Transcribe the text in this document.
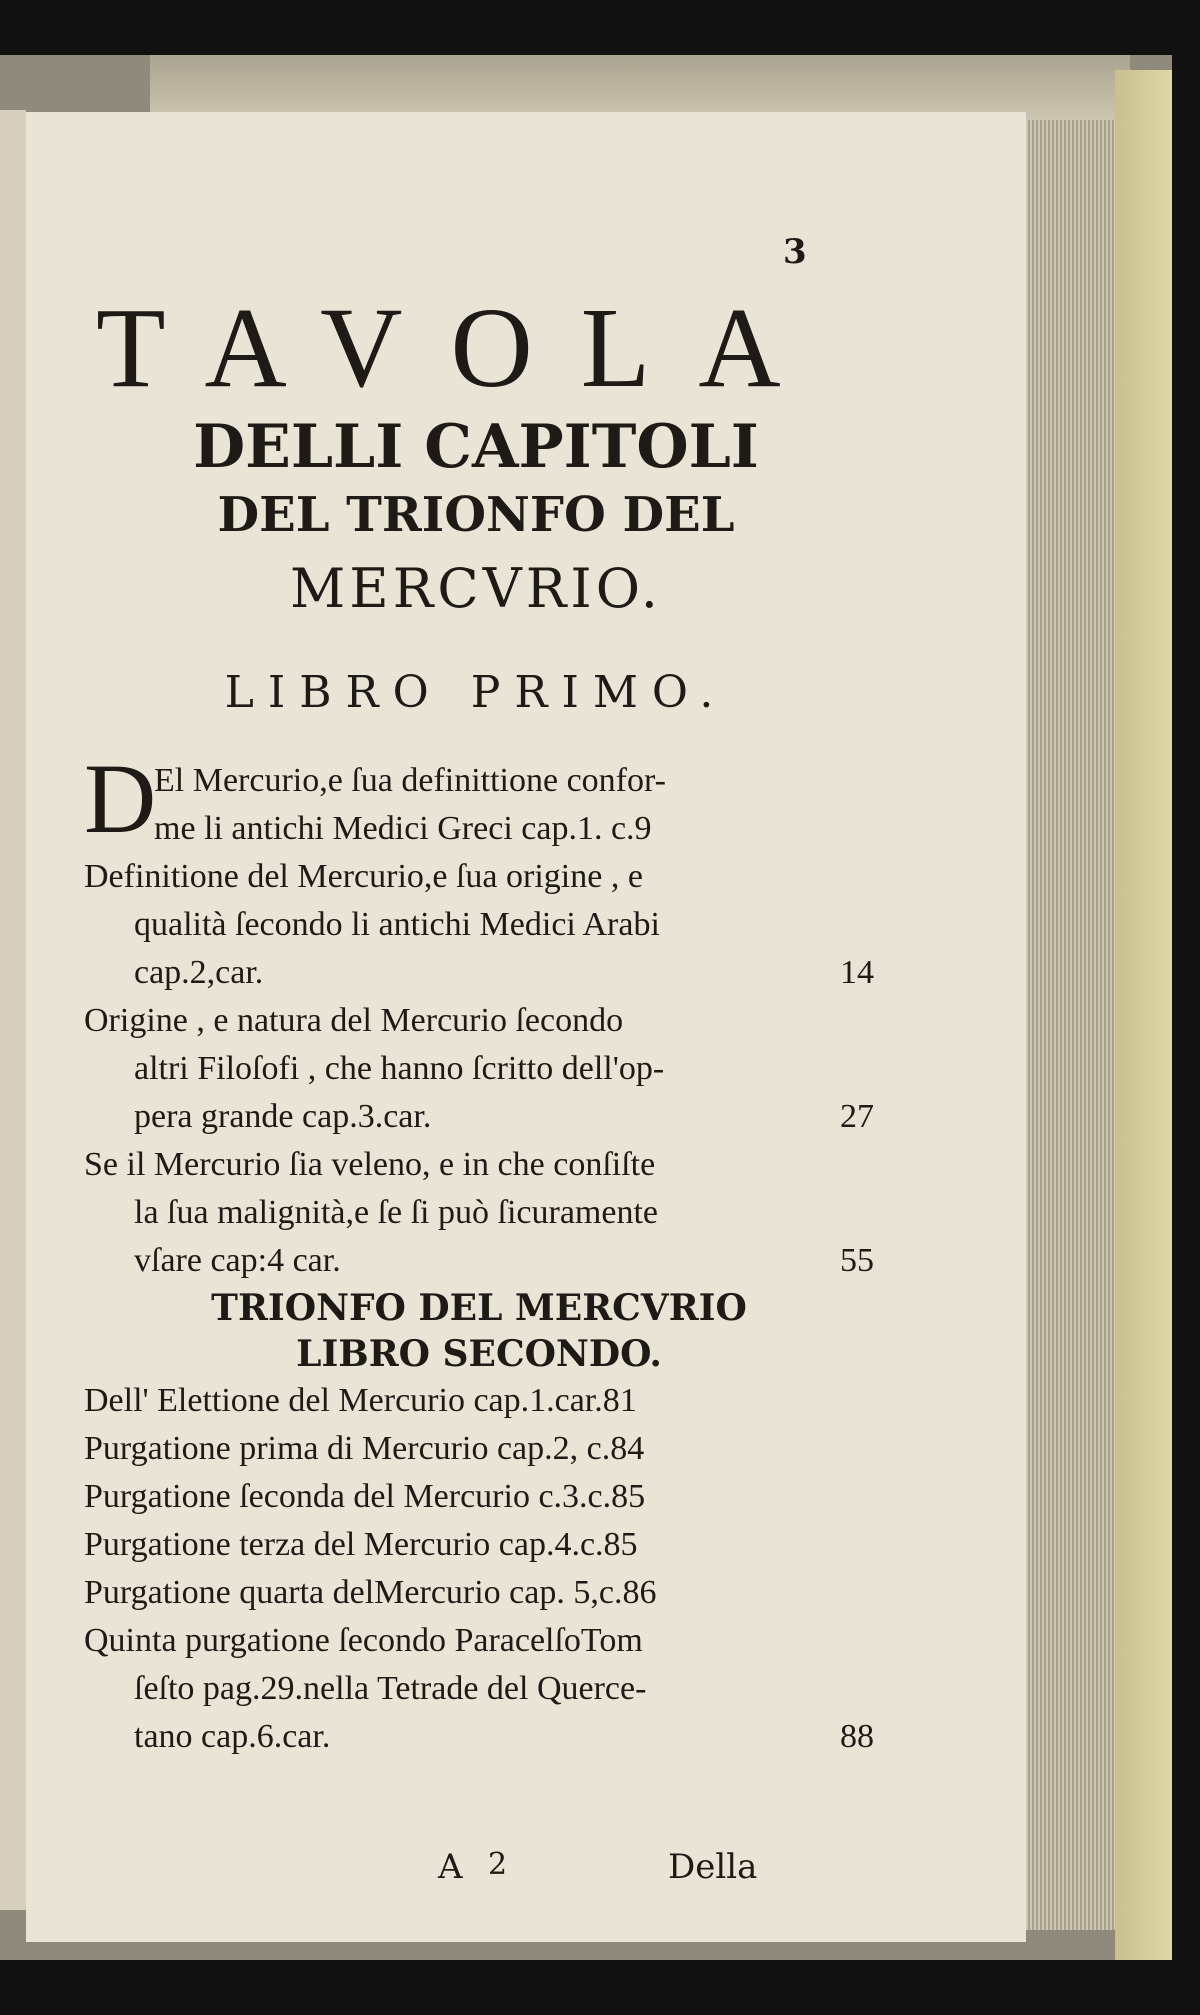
3
TAVOLA
DELLI CAPITOLI
DEL TRIONFO DEL
MERCVRIO.
LIBRO PRIMO.
D
El Mercurio,e ſua definittione confor-
me li antichi Medici Greci cap.1. c.9
Definitione del Mercurio,e ſua origine , e
qualità ſecondo li antichi Medici Arabi
cap.2,car.	14
Origine , e natura del Mercurio ſecondo
altri Filoſofi , che hanno ſcritto dell'op-
pera grande cap.3.car.	27
Se il Mercurio ſia veleno, e in che conſiſte
la ſua malignità,e ſe ſi può ſicuramente
vſare cap:4 car.	55
TRIONFO DEL MERCVRIO
LIBRO SECONDO.
Dell' Elettione del Mercurio cap.1.car.81
Purgatione prima di Mercurio cap.2, c.84
Purgatione ſeconda del Mercurio c.3.c.85
Purgatione terza del Mercurio cap.4.c.85
Purgatione quarta delMercurio cap. 5,c.86
Quinta purgatione ſecondo ParacelſoTom
ſeſto pag.29.nella Tetrade del Querce-
tano cap.6.car.	88
A 2	Della
